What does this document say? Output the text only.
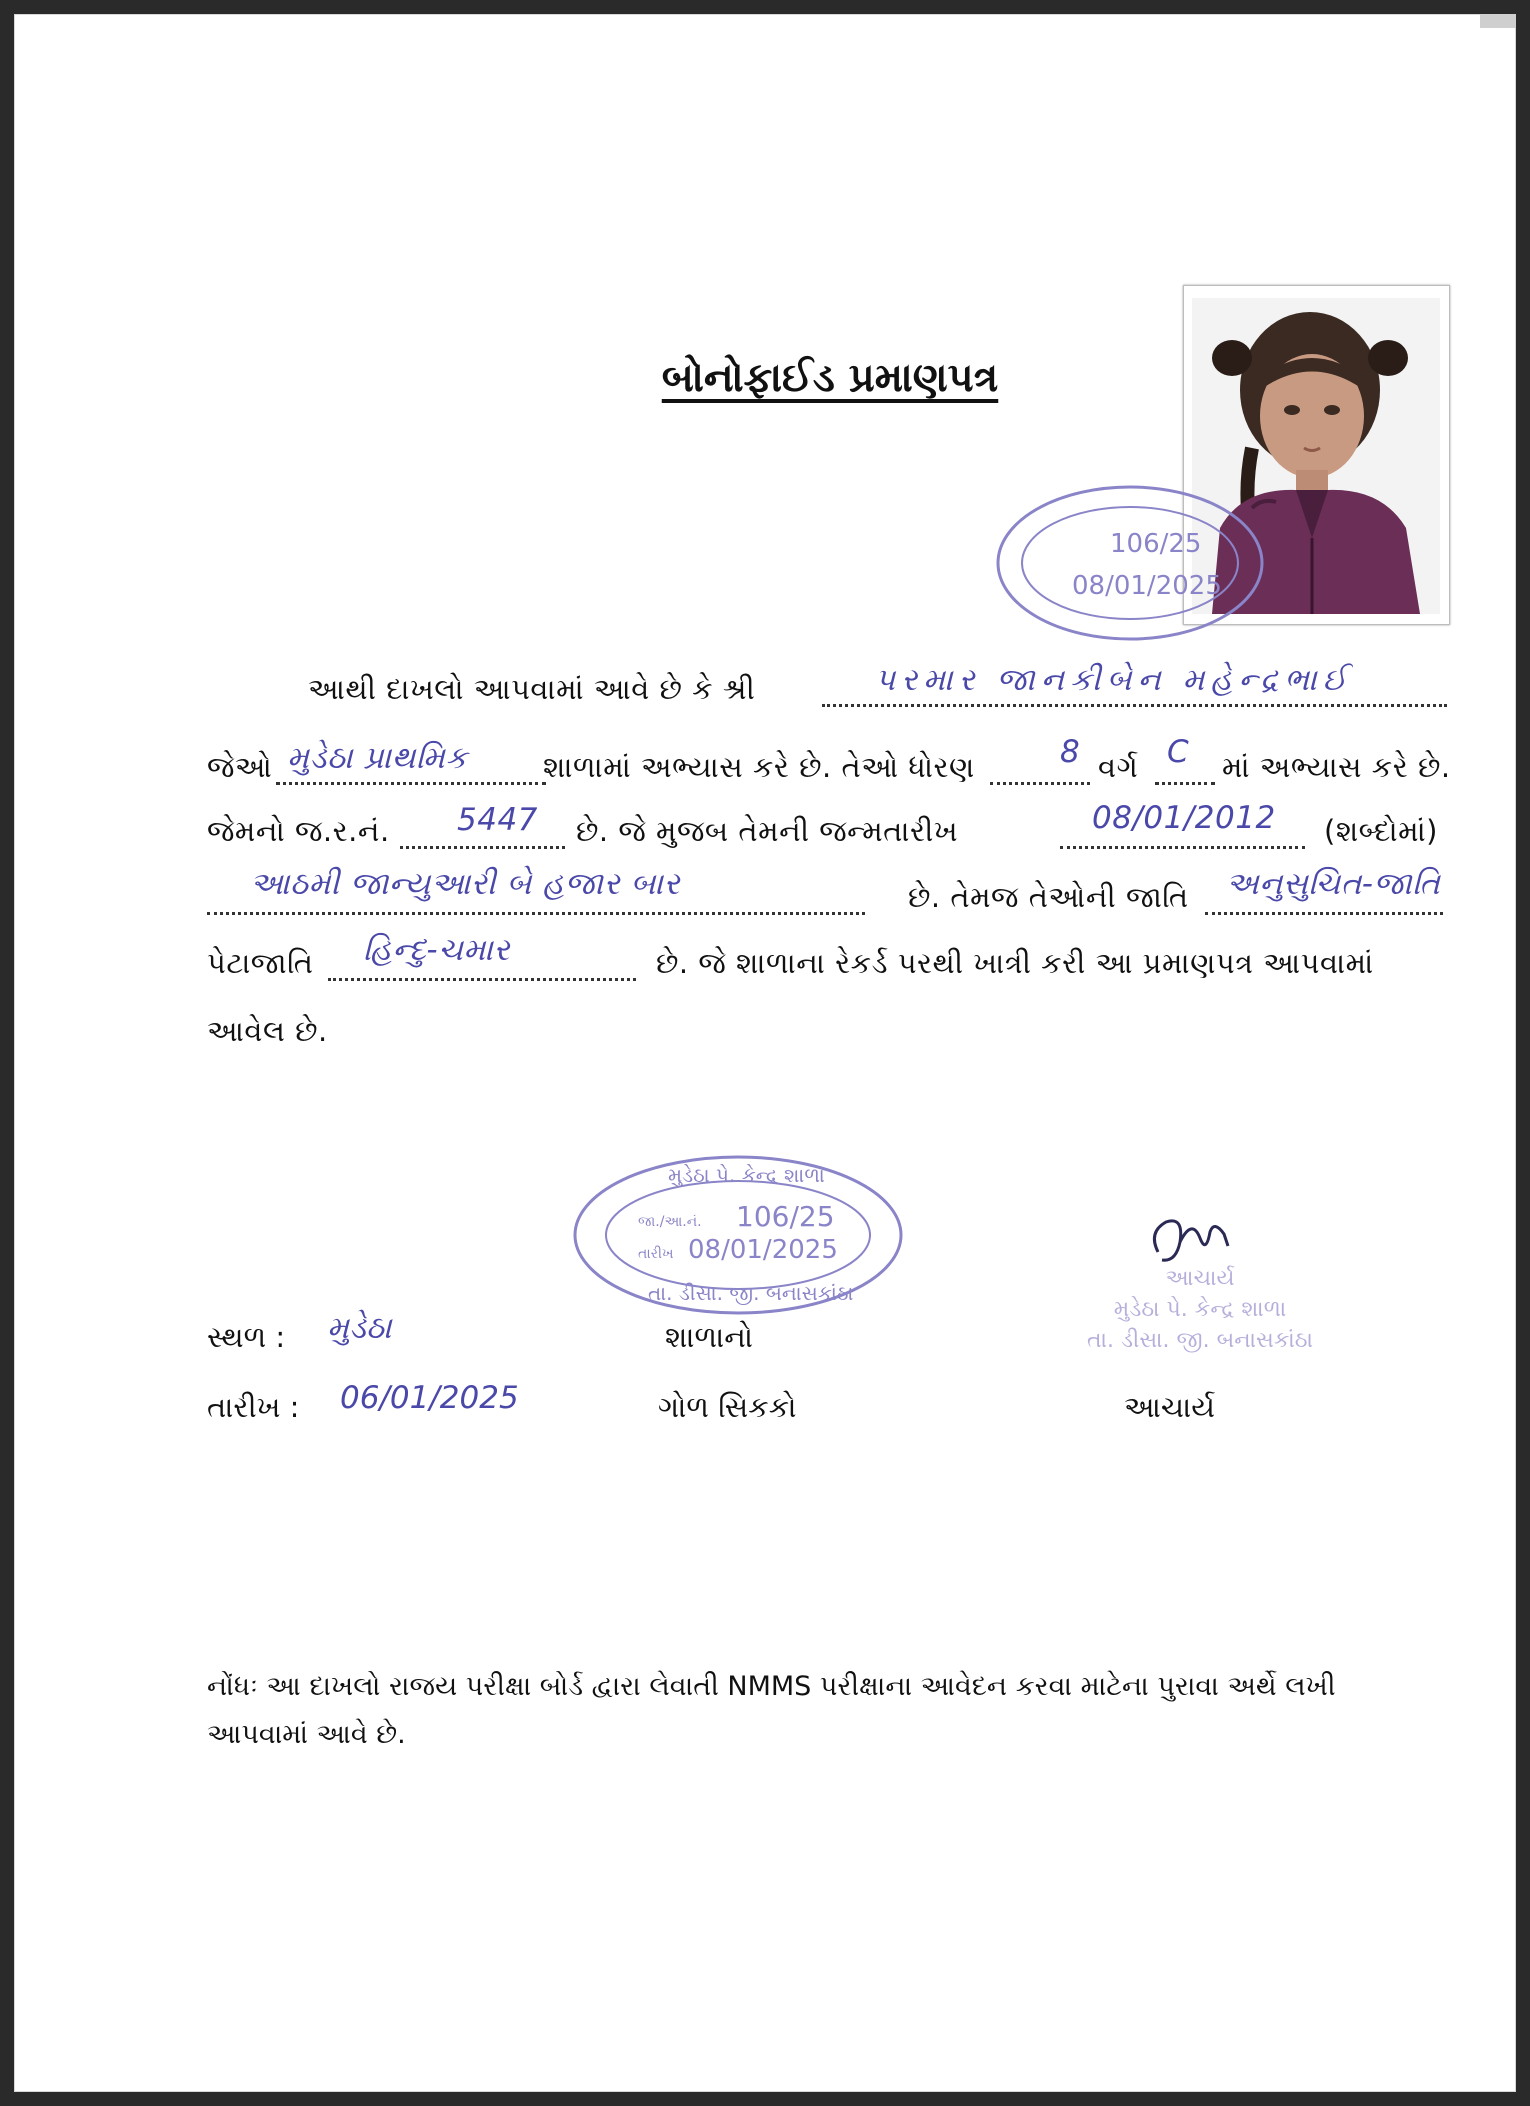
બોનોફાઈડ પ્રમાણપત્ર
106/25
08/01/2025
આથી દાખલો આપવામાં આવે છે કે શ્રી	પરમાર જાનકીબેન મહેન્દ્રભાઈ
જેઓ મુડેઠા પ્રાથમિક	શાળામાં અભ્યાસ કરે છે. તેઓ ધોરણ	8 વર્ગ C માં અભ્યાસ કરે છે.
જેમનો જ.ર.નં. 5447 છે. જે મુજબ તેમની જન્મતારીખ	08/01/2012 (શબ્દોમાં)
આઠમી જાન્યુઆરી બે હજાર બાર	છે. તેમજ તેઓની જાતિ અનુસુચિત-જાતિ
પેટાજાતિ હિન્દુ-ચમાર	છે. જે શાળાના રેકર્ડ પરથી ખાત્રી કરી આ પ્રમાણપત્ર આપવામાં
આવેલ છે.
મુડેઠા પે. કેન્દ્ર શાળા
જા./આ.નં. 106/25
તારીખ 08/01/2025
તા. ડીસા. જી. બનાસકાંઠા
આચાર્ય
મુડેઠા પે. કેન્દ્ર શાળા
તા. ડીસા. જી. બનાસકાંઠા
સ્થળ : મુડેઠા	શાળાનો
તારીખ : 06/01/2025	ગોળ સિકકો	આચાર્ય
નોંધઃ આ દાખલો રાજય પરીક્ષા બોર્ડ દ્વારા લેવાતી NMMS પરીક્ષાના આવેદન કરવા માટેના પુરાવા અર્થે લખી આપવામાં આવે છે.
